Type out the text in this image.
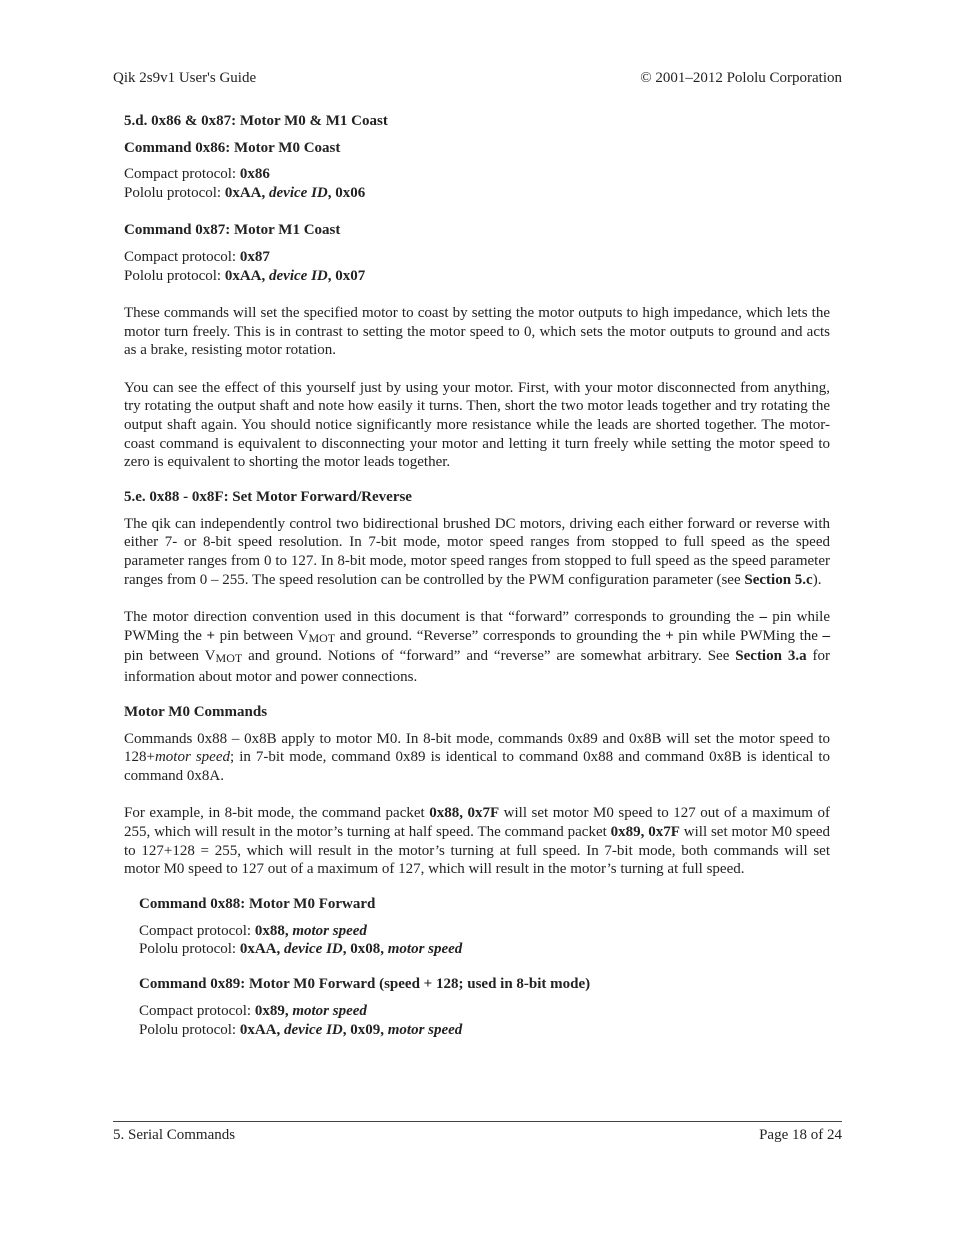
Qik 2s9v1 User's Guide	© 2001–2012 Pololu Corporation
5.d. 0x86 & 0x87: Motor M0 & M1 Coast
Command 0x86: Motor M0 Coast
Compact protocol: 0x86
Pololu protocol: 0xAA, device ID, 0x06
Command 0x87: Motor M1 Coast
Compact protocol: 0x87
Pololu protocol: 0xAA, device ID, 0x07

These commands will set the specified motor to coast by setting the motor outputs to high impedance, which lets the motor turn freely. This is in contrast to setting the motor speed to 0, which sets the motor outputs to ground and acts as a brake, resisting motor rotation.

You can see the effect of this yourself just by using your motor. First, with your motor disconnected from anything, try rotating the output shaft and note how easily it turns. Then, short the two motor leads together and try rotating the output shaft again. You should notice significantly more resistance while the leads are shorted together. The motor-coast command is equivalent to disconnecting your motor and letting it turn freely while setting the motor speed to zero is equivalent to shorting the motor leads together.

5.e. 0x88 - 0x8F: Set Motor Forward/Reverse

The qik can independently control two bidirectional brushed DC motors, driving each either forward or reverse with either 7- or 8-bit speed resolution. In 7-bit mode, motor speed ranges from stopped to full speed as the speed parameter ranges from 0 to 127. In 8-bit mode, motor speed ranges from stopped to full speed as the speed parameter ranges from 0 – 255. The speed resolution can be controlled by the PWM configuration parameter (see Section 5.c).

The motor direction convention used in this document is that “forward” corresponds to grounding the – pin while PWMing the + pin between $V_{MOT}$ and ground. “Reverse” corresponds to grounding the + pin while PWMing the – pin between $V_{MOT}$ and ground. Notions of “forward” and “reverse” are somewhat arbitrary. See Section 3.a for information about motor and power connections.

Motor M0 Commands

Commands 0x88 – 0x8B apply to motor M0. In 8-bit mode, commands 0x89 and 0x8B will set the motor speed to 128+motor speed; in 7-bit mode, command 0x89 is identical to command 0x88 and command 0x8B is identical to command 0x8A.

For example, in 8-bit mode, the command packet 0x88, 0x7F will set motor M0 speed to 127 out of a maximum of 255, which will result in the motor’s turning at half speed. The command packet 0x89, 0x7F will set motor M0 speed to 127+128 = 255, which will result in the motor’s turning at full speed. In 7-bit mode, both commands will set motor M0 speed to 127 out of a maximum of 127, which will result in the motor’s turning at full speed.

Command 0x88: Motor M0 Forward
Compact protocol: 0x88, motor speed
Pololu protocol: 0xAA, device ID, 0x08, motor speed
Command 0x89: Motor M0 Forward (speed + 128; used in 8-bit mode)
Compact protocol: 0x89, motor speed
Pololu protocol: 0xAA, device ID, 0x09, motor speed
5. Serial Commands	Page 18 of 24
